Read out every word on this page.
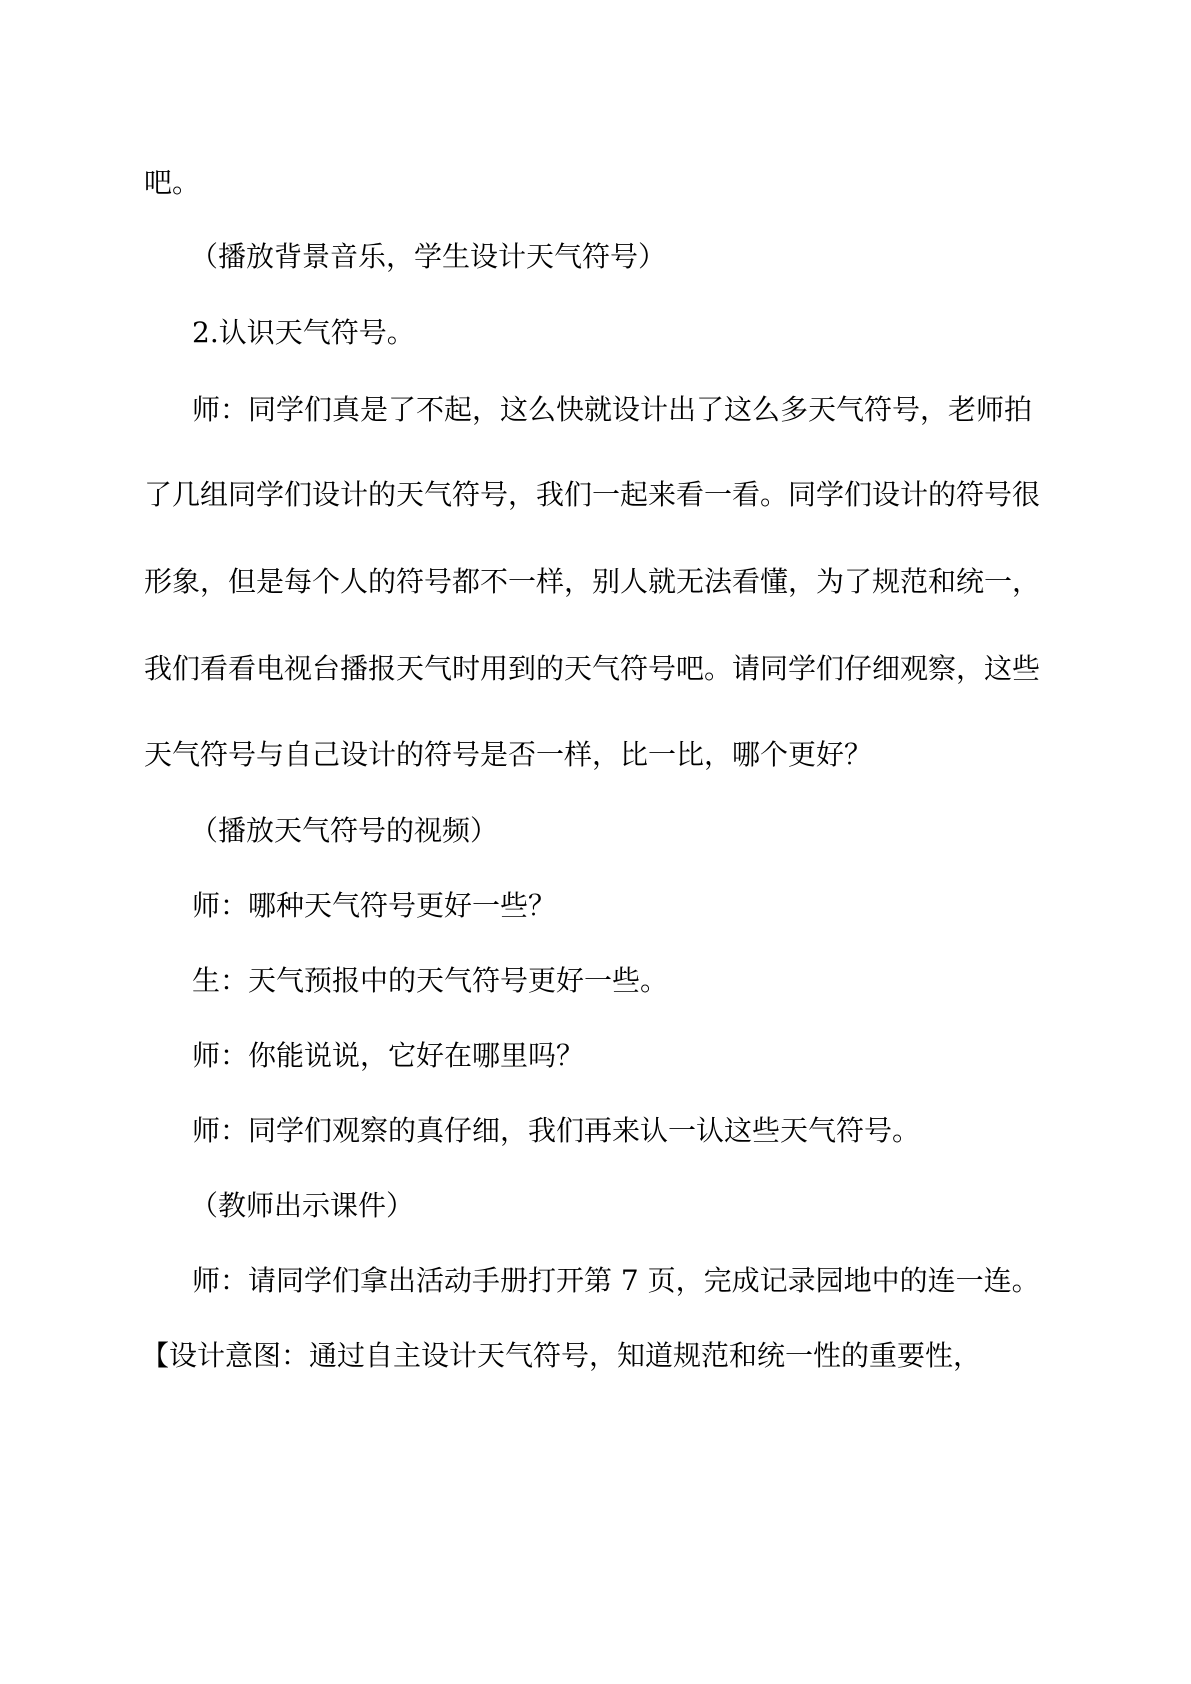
吧。
（播放背景音乐，学生设计天气符号）
2.认识天气符号。
师：同学们真是了不起，这么快就设计出了这么多天气符号，老师拍
了几组同学们设计的天气符号，我们一起来看一看。同学们设计的符号很
形象，但是每个人的符号都不一样，别人就无法看懂，为了规范和统一，
我们看看电视台播报天气时用到的天气符号吧。请同学们仔细观察，这些
天气符号与自己设计的符号是否一样，比一比，哪个更好？
（播放天气符号的视频）
师：哪种天气符号更好一些？
生：天气预报中的天气符号更好一些。
师：你能说说，它好在哪里吗？
师：同学们观察的真仔细，我们再来认一认这些天气符号。
（教师出示课件）
师：请同学们拿出活动手册打开第 7 页，完成记录园地中的连一连。
【设计意图：通过自主设计天气符号，知道规范和统一性的重要性，
